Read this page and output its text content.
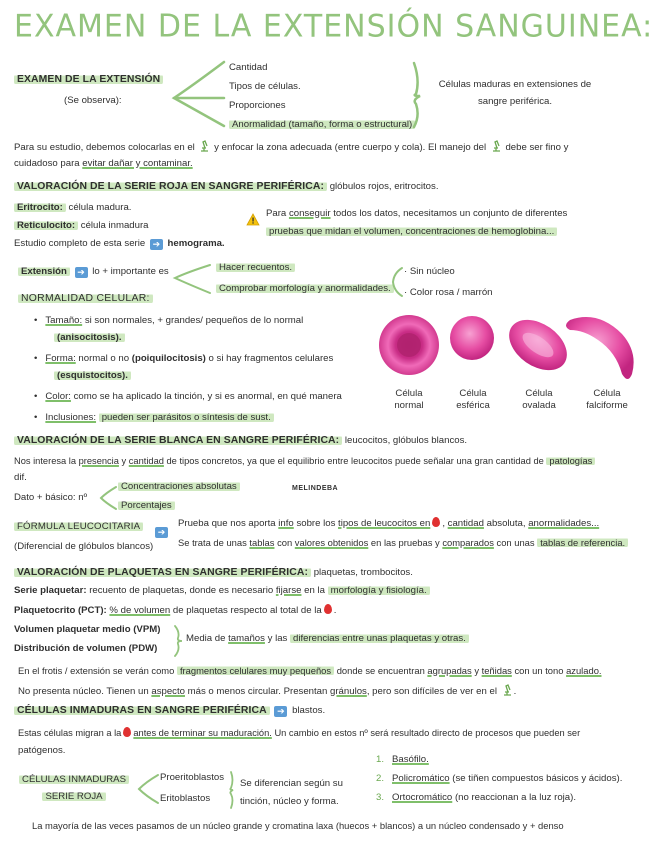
EXAMEN DE LA EXTENSIÓN SANGUINEA:
EXAMEN DE LA EXTENSIÓN
(Se observa):
Cantidad
Tipos de células.
Proporciones
Anormalidad (tamaño, forma o estructural)
Células maduras en extensiones de
sangre periférica.
Para su estudio, debemos colocarlas en el y enfocar la zona adecuada (entre cuerpo y cola). El manejo del debe ser fino y
cuidadoso para evitar dañar y contaminar.
VALORACIÓN DE LA SERIE ROJA EN SANGRE PERIFÉRICA: glóbulos rojos, eritrocitos.
Eritrocito: célula madura.
Reticulocito: célula inmadura
Estudio completo de esta serie ➔ hemograma.
Para conseguir todos los datos, necesitamos un conjunto de diferentes
pruebas que midan el volumen, concentraciones de hemoglobina...
Extensión ➔ lo + importante es	Hacer recuentos.
Comprobar morfología y anormalidades.
· Sin núcleo
· Color rosa / marrón
NORMALIDAD CELULAR:
•   Tamaño: si son normales, + grandes/ pequeños de lo normal
(anisocitosis).
•   Forma: normal o no (poiquilocitosis) o si hay fragmentos celulares
(esquistocitos).
•   Color: como se ha aplicado la tinción, y si es anormal, en qué manera
•   Inclusiones: pueden ser parásitos o síntesis de sust.
Célula
normal
Célula
esférica
Célula
ovalada
Célula
falciforme
VALORACIÓN DE LA SERIE BLANCA EN SANGRE PERIFÉRICA: leucocitos, glóbulos blancos.
Nos interesa la presencia y cantidad de tipos concretos, ya que el equilibrio entre leucocitos puede señalar una gran cantidad de patologías
dif.
Dato + básico: nº
Concentraciones absolutas
Porcentajes
MELINDEBA
FÓRMULA LEUCOCITARIA	➔
(Diferencial de glóbulos blancos)
Prueba que nos aporta info sobre los tipos de leucocitos en , cantidad absoluta, anormalidades...
Se trata de unas tablas con valores obtenidos en las pruebas y comparados con unas tablas de referencia.
VALORACIÓN DE PLAQUETAS EN SANGRE PERIFÉRICA: plaquetas, trombocitos.
Serie plaquetar: recuento de plaquetas, donde es necesario fijarse en la morfología y fisiología.
Plaquetocrito (PCT): % de volumen de plaquetas respecto al total de la .
Volumen plaquetar medio (VPM)
Distribución de volumen (PDW)
Media de tamaños y las diferencias entre unas plaquetas y otras.
En el frotis / extensión se verán como fragmentos celulares muy pequeños donde se encuentran agrupadas y teñidas con un tono azulado.
No presenta núcleo. Tienen un aspecto más o menos circular. Presentan gránulos, pero son difíciles de ver en el .
CÉLULAS INMADURAS EN SANGRE PERIFÉRICA ➔ blastos.
Estas células migran a la antes de terminar su maduración. Un cambio en estos nº será resultado directo de procesos que pueden ser
patógenos.
CÉLULAS INMADURAS
SERIE ROJA
Proeritoblastos
Eritoblastos
Se diferencian según su
tinción, núcleo y forma.
1. Basófilo.
2. Policromático (se tiñen compuestos básicos y ácidos).
3. Ortocromático (no reaccionan a la luz roja).
La mayoría de las veces pasamos de un núcleo grande y cromatina laxa (huecos + blancos) a un núcleo condensado y + denso
